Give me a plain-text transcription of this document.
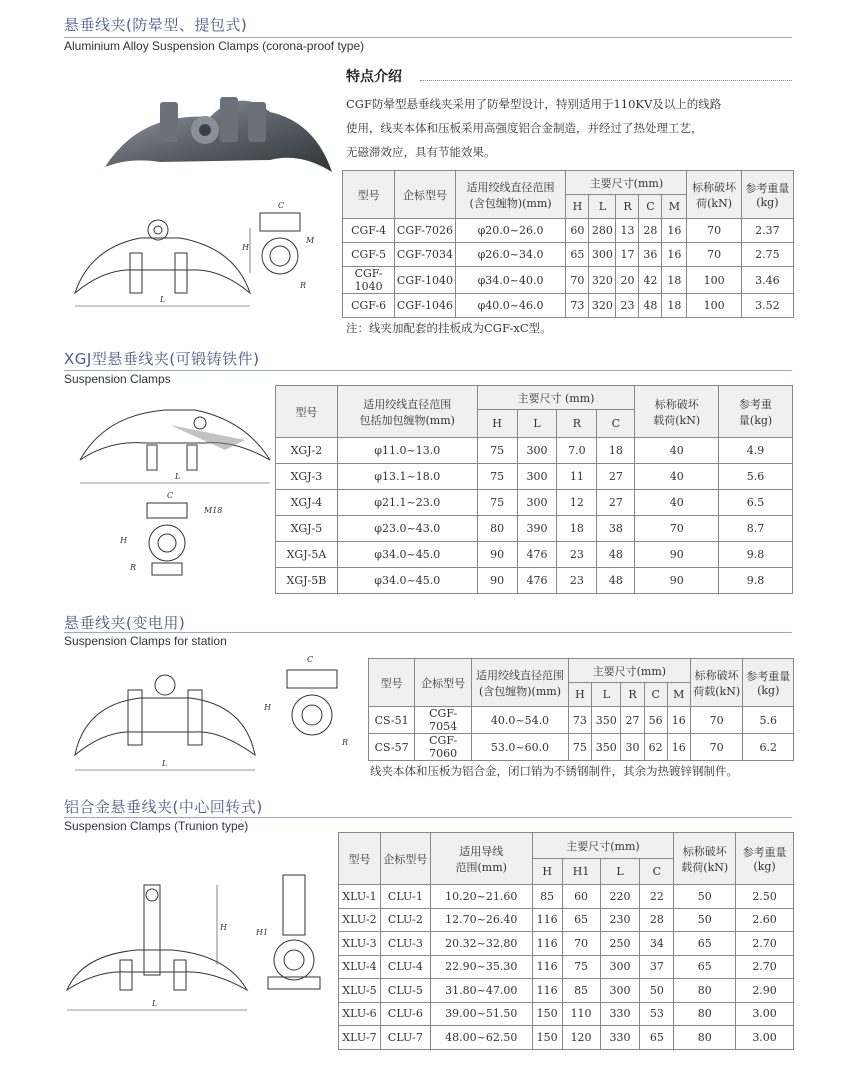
悬垂线夹(防晕型、提包式)
Aluminium Alloy Suspension Clamps (corona-proof type)
L
H
C
M
R
特点介绍
CGF防晕型悬垂线夹采用了防晕型设计，特别适用于110KV及以上的线路
使用，线夹本体和压板采用高强度铝合金制造，并经过了热处理工艺，
无磁滞效应，具有节能效果。
型号	企标型号	适用绞线直径范围
(含包缠物)(mm)	主要尺寸(mm)					标称破坏
荷(kN)	参考重量
(kg)
			H	L	R	C	M		
CGF-4	CGF-7026	φ20.0~26.0	60	280	13	28	16	70	2.37
CGF-5	CGF-7034	φ26.0~34.0	65	300	17	36	16	70	2.75
CGF-1040	CGF-1040	φ34.0~40.0	70	320	20	42	18	100	3.46
CGF-6	CGF-1046	φ40.0~46.0	73	320	23	48	18	100	3.52
注：线夹加配套的挂板成为CGF-xC型。
XGJ型悬垂线夹(可锻铸铁件)
Suspension Clamps
L
C
H
R
M18
型号	适用绞线直径范围
包括加包缠物(mm)	主要尺寸 (mm)				标称破坏
载荷(kN)	参考重
量(kg)
		H	L	R	C		
XGJ-2	φ11.0~13.0	75	300	7.0	18	40	4.9
XGJ-3	φ13.1~18.0	75	300	11	27	40	5.6
XGJ-4	φ21.1~23.0	75	300	12	27	40	6.5
XGJ-5	φ23.0~43.0	80	390	18	38	70	8.7
XGJ-5A	φ34.0~45.0	90	476	23	48	90	9.8
XGJ-5B	φ34.0~45.0	90	476	23	48	90	9.8
悬垂线夹(变电用)
Suspension Clamps for station
L
C
H
R
型号	企标型号	适用绞线直径范围
(含包缠物)(mm)	主要尺寸(mm)					标称破坏
荷载(kN)	参考重量
(kg)
			H	L	R	C	M		
CS-51	CGF-7054	40.0~54.0	73	350	27	56	16	70	5.6
CS-57	CGF-7060	53.0~60.0	75	350	30	62	16	70	6.2
线夹本体和压板为铝合金，闭口销为不锈钢制件，其余为热镀锌钢制件。
铝合金悬垂线夹(中心回转式)
Suspension Clamps (Trunion type)
H
L
H1
型号	企标型号	适用导线
范围(mm)	主要尺寸(mm)				标称破坏
载荷(kN)	参考重量
(kg)
			H	H1	L	C		
XLU-1	CLU-1	10.20~21.60	85	60	220	22	50	2.50
XLU-2	CLU-2	12.70~26.40	116	65	230	28	50	2.60
XLU-3	CLU-3	20.32~32.80	116	70	250	34	65	2.70
XLU-4	CLU-4	22.90~35.30	116	75	300	37	65	2.70
XLU-5	CLU-5	31.80~47.00	116	85	300	50	80	2.90
XLU-6	CLU-6	39.00~51.50	150	110	330	53	80	3.00
XLU-7	CLU-7	48.00~62.50	150	120	330	65	80	3.00
